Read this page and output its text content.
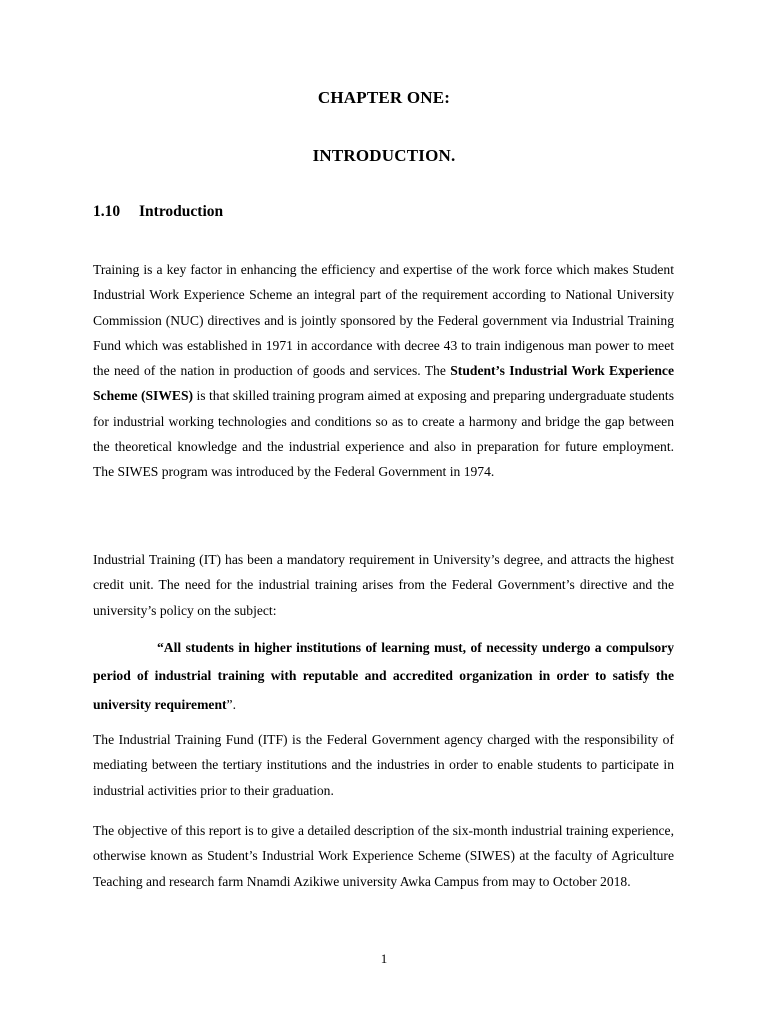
CHAPTER ONE:
INTRODUCTION.
1.10 Introduction

Training is a key factor in enhancing the efficiency and expertise of the work force which makes Student Industrial Work Experience Scheme an integral part of the requirement according to National University Commission (NUC) directives and is jointly sponsored by the Federal government via Industrial Training Fund which was established in 1971 in accordance with decree 43 to train indigenous man power to meet the need of the nation in production of goods and services. The Student’s Industrial Work Experience Scheme (SIWES) is that skilled training program aimed at exposing and preparing undergraduate students for industrial working technologies and conditions so as to create a harmony and bridge the gap between the theoretical knowledge and the industrial experience and also in preparation for future employment. The SIWES program was introduced by the Federal Government in 1974.

Industrial Training (IT) has been a mandatory requirement in University’s degree, and attracts the highest credit unit. The need for the industrial training arises from the Federal Government’s directive and the university’s policy on the subject:

“All students in higher institutions of learning must, of necessity undergo a compulsory period of industrial training with reputable and accredited organization in order to satisfy the university requirement”.

The Industrial Training Fund (ITF) is the Federal Government agency charged with the responsibility of mediating between the tertiary institutions and the industries in order to enable students to participate in industrial activities prior to their graduation.

The objective of this report is to give a detailed description of the six-month industrial training experience, otherwise known as Student’s Industrial Work Experience Scheme (SIWES) at the faculty of Agriculture Teaching and research farm Nnamdi Azikiwe university Awka Campus from may to October 2018.

1
